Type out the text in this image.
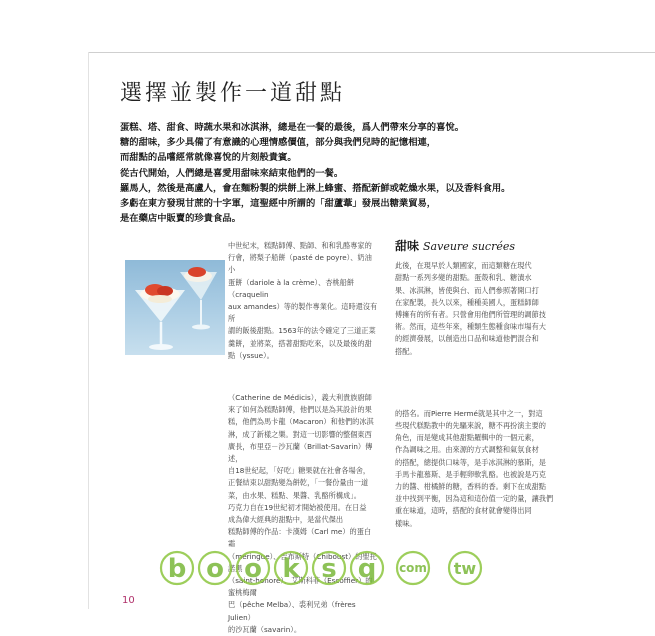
選擇並製作一道甜點

蛋糕、塔、甜食、時蔬水果和冰淇淋，總是在一餐的最後，爲人們帶來分享的喜悅。

糖的甜味，多少具備了有意識的心理情感價值，部分與我們兒時的記憶相連，

而甜點的品嚐經常就像喜悅的片刻般貴賓。

從古代開始，人們總是喜愛用甜味來結束他們的一餐。

羅馬人，然後是高盧人，會在麵粉製的烘餅上淋上蜂蜜、搭配新鮮或乾燥水果，以及香料食用。

多虧在東方發現甘蔗的十字軍，這聖經中所謂的「甜蘆葦」發展出糖業貿易，

是在藥店中販賣的珍貴食品。

中世紀末，糕點師傅、點師、和和乳酪專家的

行會，將梨子船餅（pasté de poyre）、奶油小

蛋餅（dariole à la crème）、杏桃船餅（craquelin

aux amandes）等的製作專業化。這時還沒有所

謂的飯後甜點。1563年的法令確定了三道正菜

羹餅，並將菜，搭著甜點吃來，以及最後的甜

點（yssue）。

（Catherine de Médicis），義大利貴族廚師

來了如何為糕點師傅，他們以是為其設計的果

糕，他們為馬卡龍（Macaron）和他們的冰淇

淋，成了新樣之樂。對這一切影響的整個東西

廣長，布里亞－沙瓦蘭（Brillat-Savarin）傳述，

自18世紀起，「好吃」糖果就在社會各場舍，

正餐結束以甜點變為餅乾，「一餐份量由一道

菜，由水果、糕點、果醬、乳酪所構成」。

巧克力自在19世紀初才開始被使用。在日益

成為偉大經典的甜點中，是當代傑出

糕點師傅的作品：卡漢姆（Carl me）的蛋白霜

（meringue）、吉布斯特（Chiboust）的聖托諾黑

（saint-honoré）、艾斯科菲（Escoffier）的蜜桃梅爾

巴（pêche Melba）、裘利兄弟（frères Julien）

的沙瓦蘭（savarin）。

甜味 Saveure sucrées

此後，在現早於人類國家，而這類糖在現代

甜點一系列多變的甜點。蛋殼和乳、糖漬水

果、冰淇淋，皆使與台、而人們參照著開口打

在家配製，長久以來，種種美國人，蛋糕師師

傅擁有的所有者。只營會用他們所管理的調節技

術。然而，這些年來，種類生態種食味市場有大

的經濟發展，以創造出口品和味道他們混合和

搭配。

的搭名。而Pierre Hermé就是其中之一，對這

些現代糕點教中的先驅來說，糖不再扮演主要的

角色，而是變成其他甜點羅輯中的一個元素，

作為調味之用。由來源的方式調整和氣氛食材

的搭配，總提供口味等，是手冰淇淋的慕斯，是

手馬卡龍慕斯、是手輕卵軟乳酪。也被說是巧克

力的醬、柑橘鮮的糖，香料的香。剩下在成甜點

並中找到平衡，因為這和這份值一定的量，讓我們

重在味道，這時，搭配的食材就會變得出同

樣味。

10
b o o k s q com tw
